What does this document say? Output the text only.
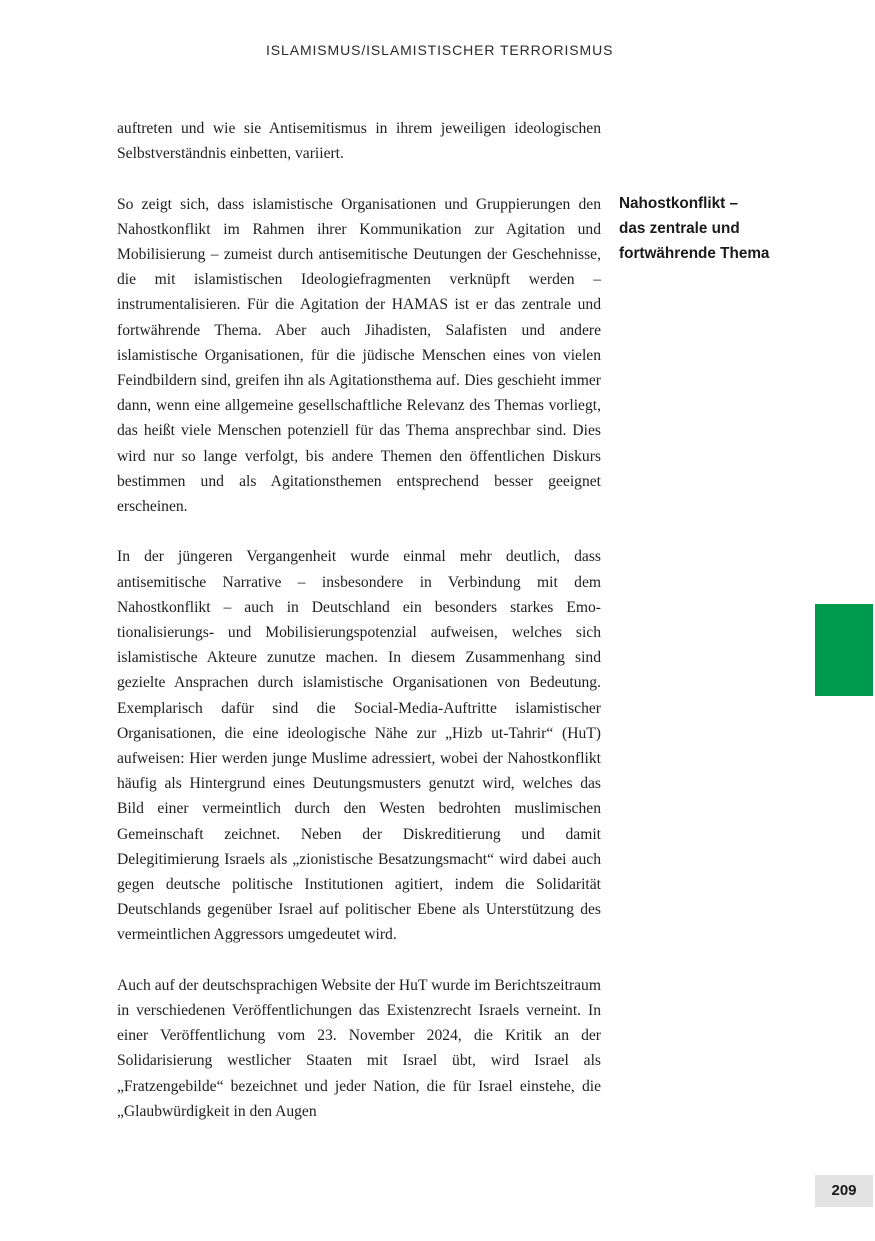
ISLAMISMUS/ISLAMISTISCHER TERRORISMUS

auftreten und wie sie Antisemitismus in ihrem jeweiligen ideologischen Selbstverständnis einbetten, variiert.

So zeigt sich, dass islamistische Organisationen und Gruppierungen den Nahostkonflikt im Rahmen ihrer Kommunikation zur Agitation und Mobilisierung – zumeist durch antisemitische Deutungen der Geschehnisse, die mit islamistischen Ideologiefragmenten verknüpft werden – instrumentalisieren. Für die Agitation der HAMAS ist er das zentrale und fortwährende Thema. Aber auch Jihadisten, Salafisten und andere islamistische Organisationen, für die jüdische Menschen eines von vielen Feindbildern sind, greifen ihn als Agitationsthema auf. Dies geschieht immer dann, wenn eine allgemeine gesellschaftliche Relevanz des Themas vorliegt, das heißt viele Menschen potenziell für das Thema ansprechbar sind. Dies wird nur so lange verfolgt, bis andere Themen den öffentlichen Diskurs bestimmen und als Agitationsthemen entsprechend besser geeignet erscheinen.

In der jüngeren Vergangenheit wurde einmal mehr deutlich, dass antisemitische Narrative – insbesondere in Verbindung mit dem Nahostkonflikt – auch in Deutschland ein besonders starkes Emotionalisierungs- und Mobilisierungspotenzial aufweisen, welches sich islamistische Akteure zunutze machen. In diesem Zusammenhang sind gezielte Ansprachen durch islamistische Organisationen von Bedeutung. Exemplarisch dafür sind die Social-Media-Auftritte islamistischer Organisationen, die eine ideologische Nähe zur „Hizb ut-Tahrir“ (HuT) aufweisen: Hier werden junge Muslime adressiert, wobei der Nahostkonflikt häufig als Hintergrund eines Deutungsmusters genutzt wird, welches das Bild einer vermeintlich durch den Westen bedrohten muslimischen Gemeinschaft zeichnet. Neben der Diskreditierung und damit Delegitimierung Israels als „zionistische Besatzungsmacht“ wird dabei auch gegen deutsche politische Institutionen agitiert, indem die Solidarität Deutschlands gegenüber Israel auf politischer Ebene als Unterstützung des vermeintlichen Aggressors umgedeutet wird.

Auch auf der deutschsprachigen Website der HuT wurde im Berichtszeitraum in verschiedenen Veröffentlichungen das Existenzrecht Israels verneint. In einer Veröffentlichung vom 23. November 2024, die Kritik an der Solidarisierung westlicher Staaten mit Israel übt, wird Israel als „Fratzengebilde“ bezeichnet und jeder Nation, die für Israel einstehe, die „Glaubwürdigkeit in den Augen

Nahostkonflikt –
das zentrale und
fortwährende Thema
209
